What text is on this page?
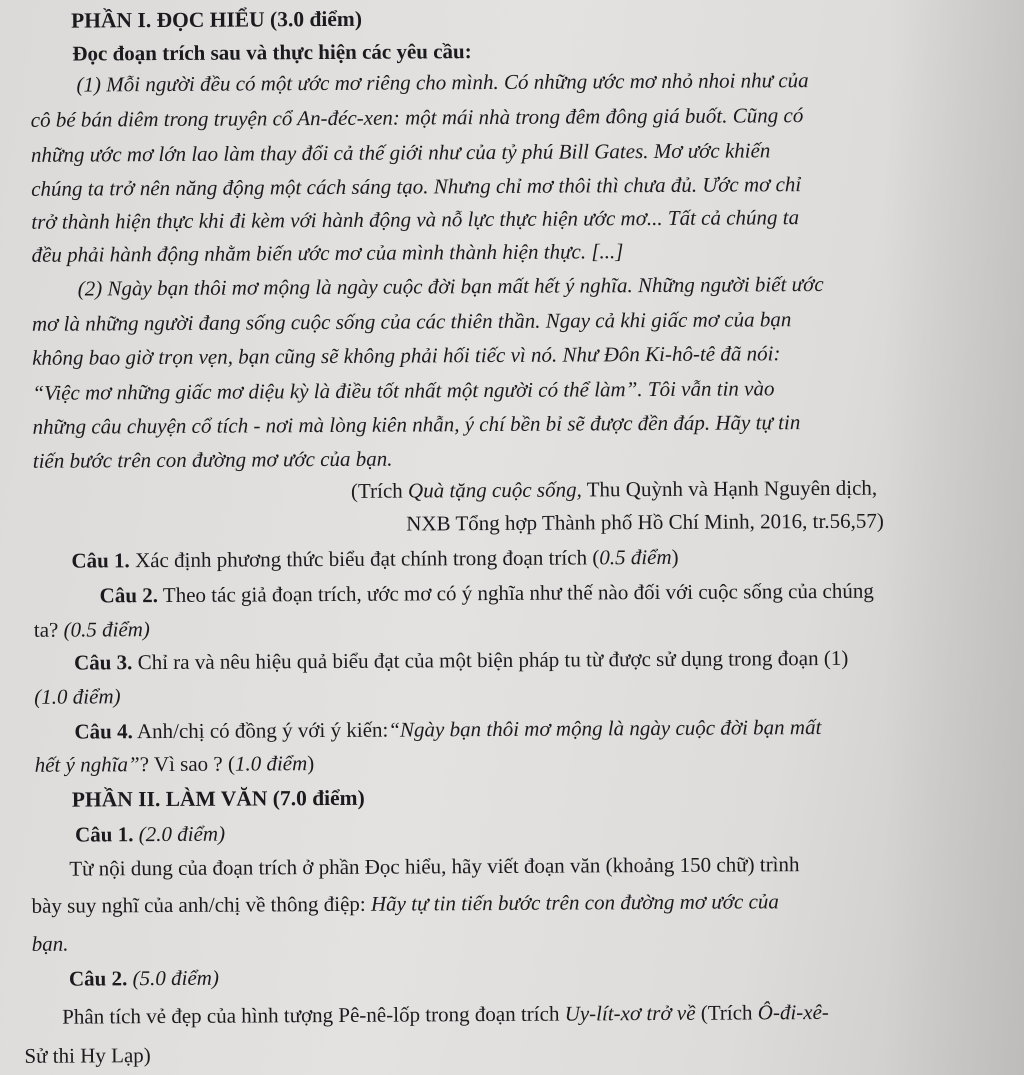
PHẦN I. ĐỌC HIỂU (3.0 điểm)
Đọc đoạn trích sau và thực hiện các yêu cầu:
(1) Mỗi người đều có một ước mơ riêng cho mình. Có những ước mơ nhỏ nhoi như của
cô bé bán diêm trong truyện cổ An-đéc-xen: một mái nhà trong đêm đông giá buốt. Cũng có
những ước mơ lớn lao làm thay đổi cả thế giới như của tỷ phú Bill Gates. Mơ ước khiến
chúng ta trở nên năng động một cách sáng tạo. Nhưng chỉ mơ thôi thì chưa đủ. Ước mơ chỉ
trở thành hiện thực khi đi kèm với hành động và nỗ lực thực hiện ước mơ... Tất cả chúng ta
đều phải hành động nhằm biến ước mơ của mình thành hiện thực. [...]
(2) Ngày bạn thôi mơ mộng là ngày cuộc đời bạn mất hết ý nghĩa. Những người biết ước
mơ là những người đang sống cuộc sống của các thiên thần. Ngay cả khi giấc mơ của bạn
không bao giờ trọn vẹn, bạn cũng sẽ không phải hối tiếc vì nó. Như Đôn Ki-hô-tê đã nói:
“Việc mơ những giấc mơ diệu kỳ là điều tốt nhất một người có thể làm”. Tôi vẫn tin vào
những câu chuyện cổ tích - nơi mà lòng kiên nhẫn, ý chí bền bỉ sẽ được đền đáp. Hãy tự tin
tiến bước trên con đường mơ ước của bạn.
(Trích Quà tặng cuộc sống, Thu Quỳnh và Hạnh Nguyên dịch,
NXB Tổng hợp Thành phố Hồ Chí Minh, 2016, tr.56,57)
Câu 1. Xác định phương thức biểu đạt chính trong đoạn trích (0.5 điểm)
Câu 2. Theo tác giả đoạn trích, ước mơ có ý nghĩa như thế nào đối với cuộc sống của chúng
ta? (0.5 điểm)
Câu 3. Chỉ ra và nêu hiệu quả biểu đạt của một biện pháp tu từ được sử dụng trong đoạn (1)
(1.0 điểm)
Câu 4. Anh/chị có đồng ý với ý kiến:“Ngày bạn thôi mơ mộng là ngày cuộc đời bạn mất
hết ý nghĩa”? Vì sao ? (1.0 điểm)
PHẦN II. LÀM VĂN (7.0 điểm)
Câu 1. (2.0 điểm)
Từ nội dung của đoạn trích ở phần Đọc hiểu, hãy viết đoạn văn (khoảng 150 chữ) trình
bày suy nghĩ của anh/chị về thông điệp: Hãy tự tin tiến bước trên con đường mơ ước của
bạn.
Câu 2. (5.0 điểm)
Phân tích vẻ đẹp của hình tượng Pê-nê-lốp trong đoạn trích Uy-lít-xơ trở về (Trích Ô-đi-xê-
Sử thi Hy Lạp)
